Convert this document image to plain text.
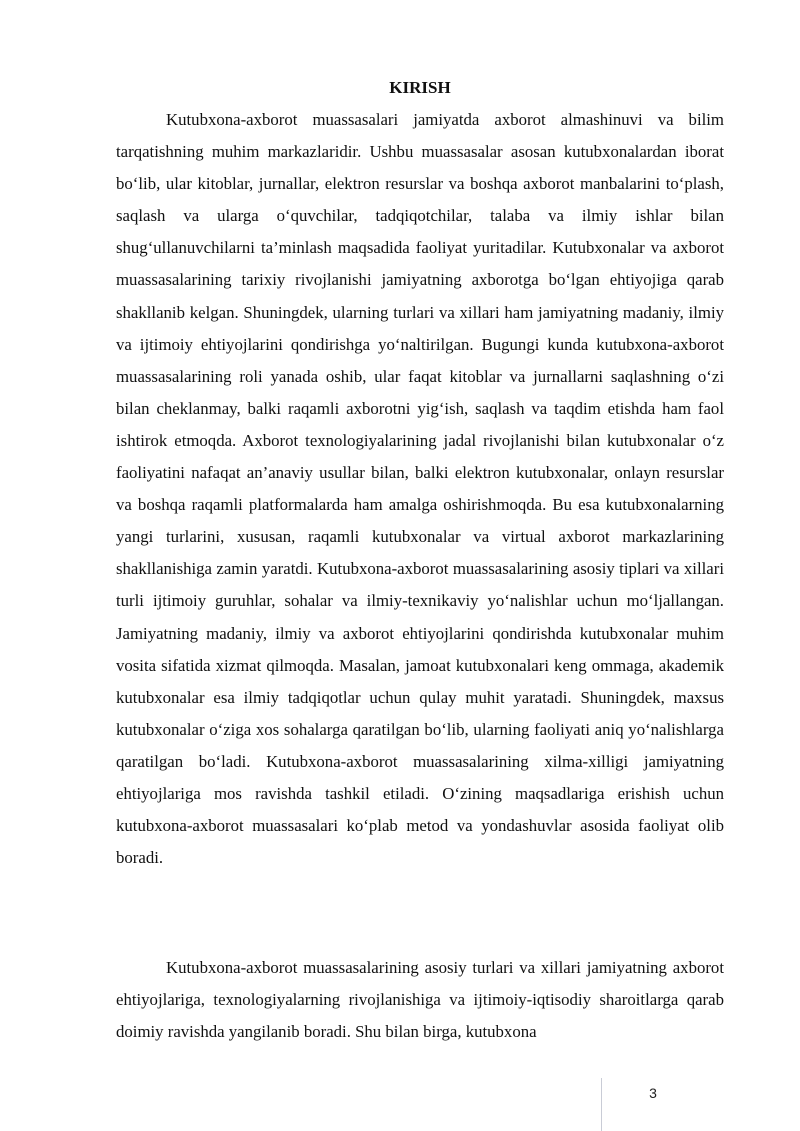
KIRISH

Kutubxona-axborot muassasalari jamiyatda axborot almashinuvi va bilim tarqatishning muhim markazlaridir. Ushbu muassasalar asosan kutubxonalardan iborat bo‘lib, ular kitoblar, jurnallar, elektron resurslar va boshqa axborot manbalarini to‘plash, saqlash va ularga o‘quvchilar, tadqiqotchilar, talaba va ilmiy ishlar bilan shug‘ullanuvchilarni ta’minlash maqsadida faoliyat yuritadilar. Kutubxonalar va axborot muassasalarining tarixiy rivojlanishi jamiyatning axborotga bo‘lgan ehtiyojiga qarab shakllanib kelgan. Shuningdek, ularning turlari va xillari ham jamiyatning madaniy, ilmiy va ijtimoiy ehtiyojlarini qondirishga yo‘naltirilgan. Bugungi kunda kutubxona-axborot muassasalarining roli yanada oshib, ular faqat kitoblar va jurnallarni saqlashning o‘zi bilan cheklanmay, balki raqamli axborotni yig‘ish, saqlash va taqdim etishda ham faol ishtirok etmoqda. Axborot texnologiyalarining jadal rivojlanishi bilan kutubxonalar o‘z faoliyatini nafaqat an’anaviy usullar bilan, balki elektron kutubxonalar, onlayn resurslar va boshqa raqamli platformalarda ham amalga oshirishmoqda. Bu esa kutubxonalarning yangi turlarini, xususan, raqamli kutubxonalar va virtual axborot markazlarining shakllanishiga zamin yaratdi. Kutubxona-axborot muassasalarining asosiy tiplari va xillari turli ijtimoiy guruhlar, sohalar va ilmiy-texnikaviy yo‘nalishlar uchun mo‘ljallangan. Jamiyatning madaniy, ilmiy va axborot ehtiyojlarini qondirishda kutubxonalar muhim vosita sifatida xizmat qilmoqda. Masalan, jamoat kutubxonalari keng ommaga, akademik kutubxonalar esa ilmiy tadqiqotlar uchun qulay muhit yaratadi. Shuningdek, maxsus kutubxonalar o‘ziga xos sohalarga qaratilgan bo‘lib, ularning faoliyati aniq yo‘nalishlarga qaratilgan bo‘ladi. Kutubxona-axborot muassasalarining xilma-xilligi jamiyatning ehtiyojlariga mos ravishda tashkil etiladi. O‘zining maqsadlariga erishish uchun kutubxona-axborot muassasalari ko‘plab metod va yondashuvlar asosida faoliyat olib boradi.

Kutubxona-axborot muassasalarining asosiy turlari va xillari jamiyatning axborot ehtiyojlariga, texnologiyalarning rivojlanishiga va ijtimoiy-iqtisodiy sharoitlarga qarab doimiy ravishda yangilanib boradi. Shu bilan birga, kutubxona

3
